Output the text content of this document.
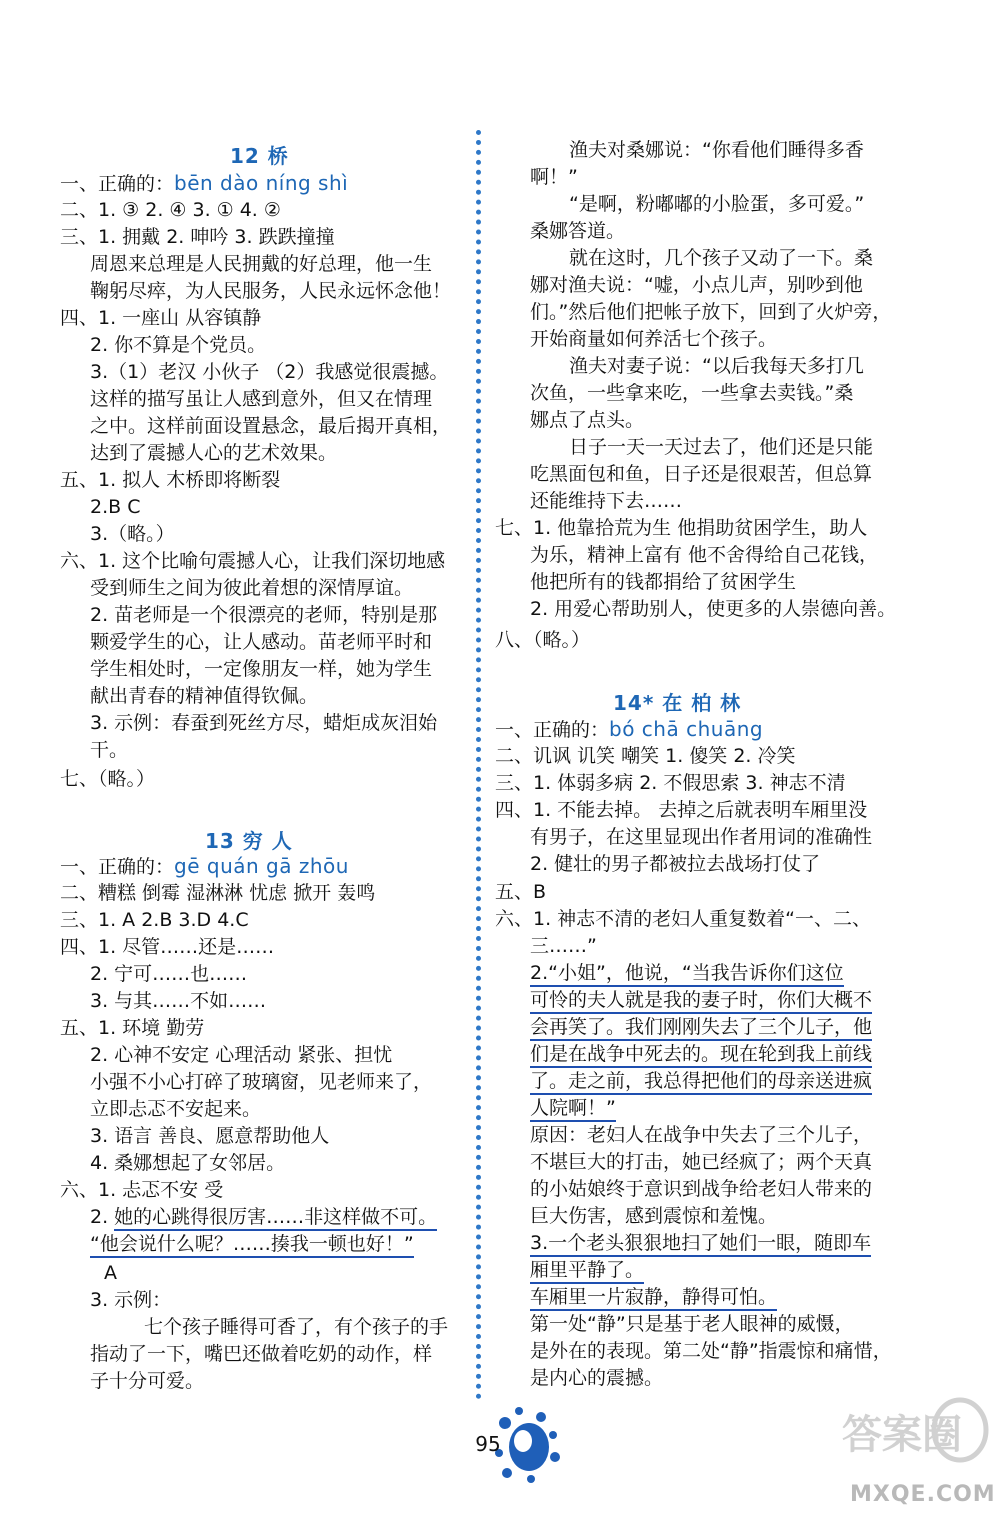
12 桥
一、正确的：bēn dào níng shì
二、1. ③ 2. ④ 3. ① 4. ②
三、1. 拥戴 2. 呻吟 3. 跌跌撞撞
周恩来总理是人民拥戴的好总理，他一生
鞠躬尽瘁，为人民服务，人民永远怀念他！
四、1. 一座山 从容镇静
2. 你不算是个党员。
3.（1）老汉 小伙子 （2）我感觉很震撼。
这样的描写虽让人感到意外，但又在情理
之中。这样前面设置悬念，最后揭开真相，
达到了震撼人心的艺术效果。
五、1. 拟人 木桥即将断裂
2.B C
3.（略。）
六、1. 这个比喻句震撼人心，让我们深切地感
受到师生之间为彼此着想的深情厚谊。
2. 苗老师是一个很漂亮的老师，特别是那
颗爱学生的心，让人感动。苗老师平时和
学生相处时，一定像朋友一样，她为学生
献出青春的精神值得钦佩。
3. 示例：春蚕到死丝方尽，蜡炬成灰泪始
干。
七、（略。）
13 穷 人
一、正确的：gē quán gā zhōu
二、糟糕 倒霉 湿淋淋 忧虑 掀开 轰鸣
三、1. A 2.B 3.D 4.C
四、1. 尽管……还是……
2. 宁可……也……
3. 与其……不如……
五、1. 环境 勤劳
2. 心神不安定 心理活动 紧张、担忧
小强不小心打碎了玻璃窗，见老师来了，
立即忐忑不安起来。
3. 语言 善良、愿意帮助他人
4. 桑娜想起了女邻居。
六、1. 忐忑不安 受
2. 她的心跳得很厉害……非这样做不可。
“他会说什么呢？……揍我一顿也好！”
A
3. 示例：
七个孩子睡得可香了，有个孩子的手
指动了一下，嘴巴还做着吃奶的动作，样
子十分可爱。
渔夫对桑娜说：“你看他们睡得多香
啊！”
“是啊，粉嘟嘟的小脸蛋，多可爱。”
桑娜答道。
就在这时，几个孩子又动了一下。桑
娜对渔夫说：“嘘，小点儿声，别吵到他
们。”然后他们把帐子放下，回到了火炉旁，
开始商量如何养活七个孩子。
渔夫对妻子说：“以后我每天多打几
次鱼，一些拿来吃，一些拿去卖钱。”桑
娜点了点头。
日子一天一天过去了，他们还是只能
吃黑面包和鱼，日子还是很艰苦，但总算
还能维持下去……
七、1. 他靠拾荒为生 他捐助贫困学生，助人
为乐，精神上富有 他不舍得给自己花钱，
他把所有的钱都捐给了贫困学生
2. 用爱心帮助别人，使更多的人崇德向善。
八、（略。）
14* 在 柏 林
一、正确的：bó chā chuāng
二、讥讽 讥笑 嘲笑 1. 傻笑 2. 冷笑
三、1. 体弱多病 2. 不假思索 3. 神志不清
四、1. 不能去掉。 去掉之后就表明车厢里没
有男子，在这里显现出作者用词的准确性
2. 健壮的男子都被拉去战场打仗了
五、B
六、1. 神志不清的老妇人重复数着“一、二、
三……”
2.“小姐”，他说，“当我告诉你们这位
可怜的夫人就是我的妻子时，你们大概不
会再笑了。我们刚刚失去了三个儿子，他
们是在战争中死去的。现在轮到我上前线
了。走之前，我总得把他们的母亲送进疯
人院啊！”
原因：老妇人在战争中失去了三个儿子，
不堪巨大的打击，她已经疯了；两个天真
的小姑娘终于意识到战争给老妇人带来的
巨大伤害，感到震惊和羞愧。
3.一个老头狠狠地扫了她们一眼，随即车
厢里平静了。
车厢里一片寂静，静得可怕。
第一处“静”只是基于老人眼神的威慑，
是外在的表现。第二处“静”指震惊和痛惜，
是内心的震撼。
95	答案圈
MXQE.COM
